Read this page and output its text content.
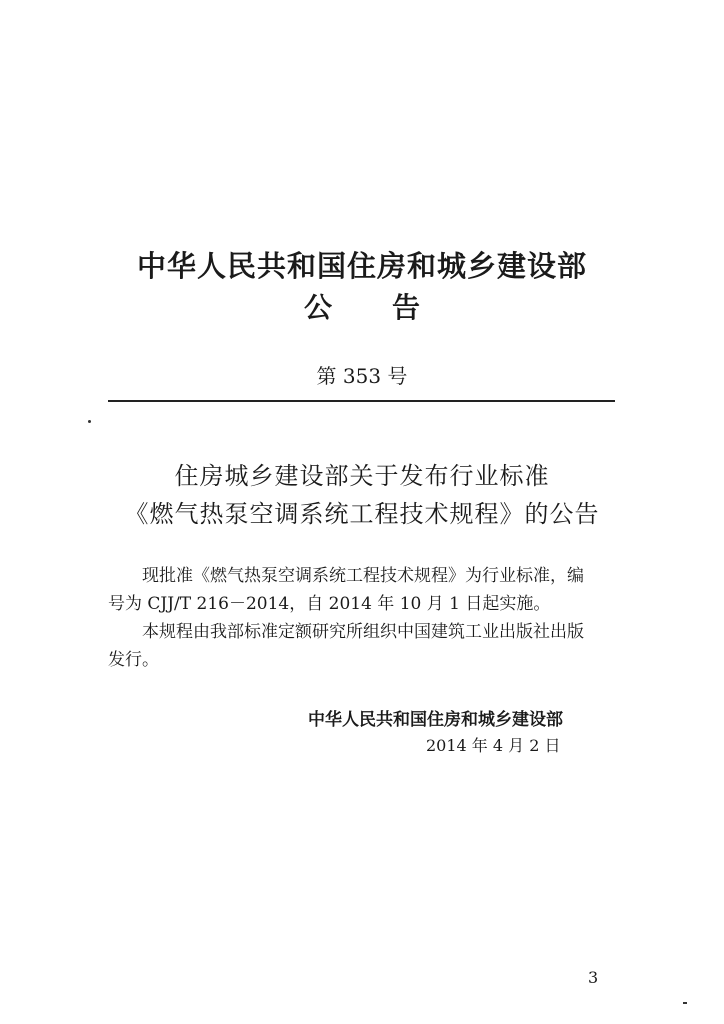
中华人民共和国住房和城乡建设部
公 告
第 353 号
住房城乡建设部关于发布行业标准
《燃气热泵空调系统工程技术规程》的公告
现批准《燃气热泵空调系统工程技术规程》为行业标准，编
号为 CJJ/T 216－2014，自 2014 年 10 月 1 日起实施。
本规程由我部标准定额研究所组织中国建筑工业出版社出版
发行。
中华人民共和国住房和城乡建设部
2014 年 4 月 2 日
3
